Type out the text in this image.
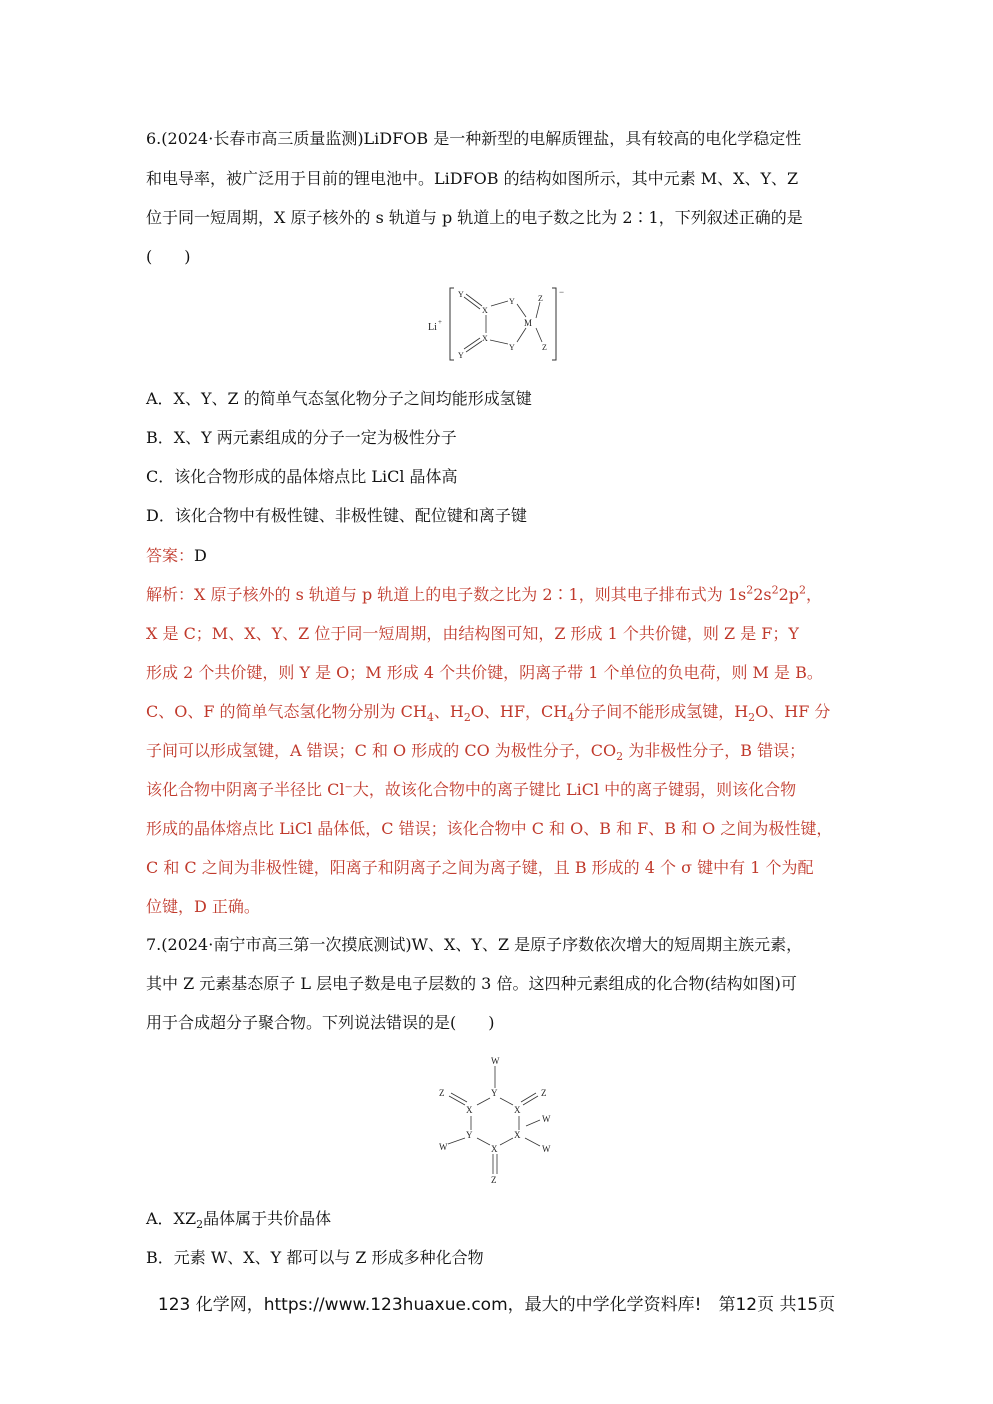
6.(2024·长春市高三质量监测)LiDFOB 是一种新型的电解质锂盐，具有较高的电化学稳定性
和电导率，被广泛用于目前的锂电池中。LiDFOB 的结构如图所示，其中元素 M、X、Y、Z
位于同一短周期，X 原子核外的 s 轨道与 p 轨道上的电子数之比为 2∶1，下列叙述正确的是
(　　)
Li +
−
Y
X
Y	Z
M
X
Y	Z
Y
A．X、Y、Z 的简单气态氢化物分子之间均能形成氢键
B．X、Y 两元素组成的分子一定为极性分子
C．该化合物形成的晶体熔点比 LiCl 晶体高
D．该化合物中有极性键、非极性键、配位键和离子键
答案：D
解析：X 原子核外的 s 轨道与 p 轨道上的电子数之比为 2∶1，则其电子排布式为 $1s^22s^22p^2$，
X 是 C；M、X、Y、Z 位于同一短周期，由结构图可知，Z 形成 1 个共价键，则 Z 是 F；Y
形成 2 个共价键，则 Y 是 O；M 形成 4 个共价键，阴离子带 1 个单位的负电荷，则 M 是 B。
C、O、F 的简单气态氢化物分别为 $CH_4$、$H_2O$、HF，$CH_4$分子间不能形成氢键，$H_2O$、HF 分
子间可以形成氢键，A 错误；C 和 O 形成的 CO 为极性分子，$CO_2$ 为非极性分子，B 错误；
该化合物中阴离子半径比 Cl⁻大，故该化合物中的离子键比 LiCl 中的离子键弱，则该化合物
形成的晶体熔点比 LiCl 晶体低，C 错误；该化合物中 C 和 O、B 和 F、B 和 O 之间为极性键，
C 和 C 之间为非极性键，阳离子和阴离子之间为离子键，且 B 形成的 4 个 σ 键中有 1 个为配
位键，D 正确。
7.(2024·南宁市高三第一次摸底测试)W、X、Y、Z 是原子序数依次增大的短周期主族元素，
其中 Z 元素基态原子 L 层电子数是电子层数的 3 倍。这四种元素组成的化合物(结构如图)可
用于合成超分子聚合物。下列说法错误的是(　　)
W
Y
Z
X	X
Z
W
W
Y	X
X	W
Z
A．$XZ_2$晶体属于共价晶体
B．元素 W、X、Y 都可以与 Z 形成多种化合物
123 化学网，https://www.123huaxue.com，最大的中学化学资料库!　第12页 共15页
